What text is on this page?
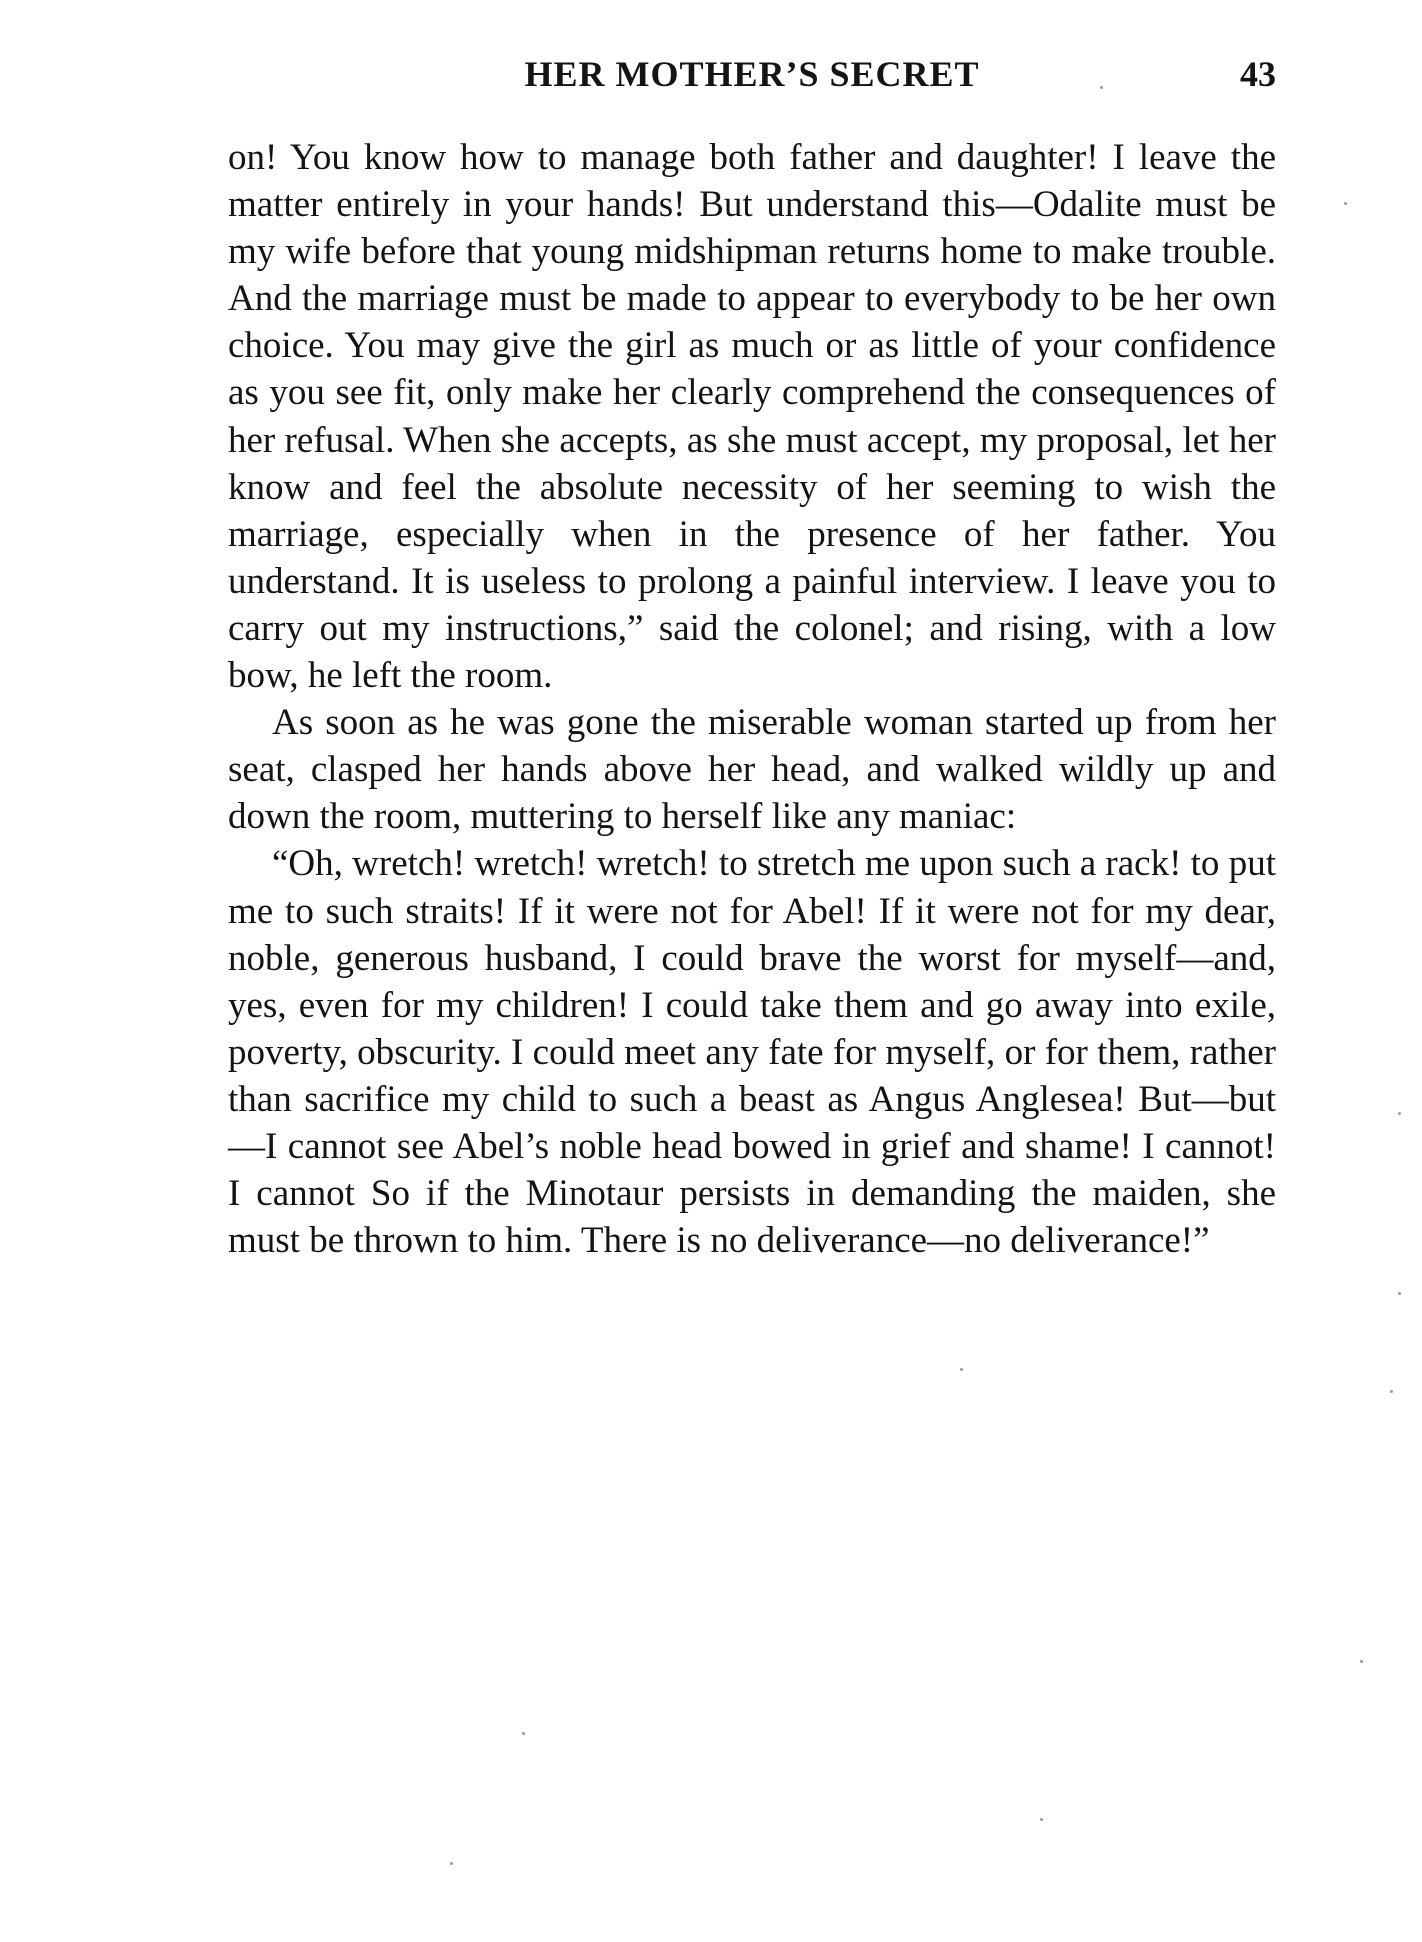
HER MOTHER’S SECRET	43

on! You know how to manage both father and daughter! I leave the matter entirely in your hands! But understand this—Odalite must be my wife before that young midshipman returns home to make trouble. And the marriage must be made to appear to everybody to be her own choice. You may give the girl as much or as little of your confidence as you see fit, only make her clearly comprehend the consequences of her refusal. When she accepts, as she must accept, my proposal, let her know and feel the absolute necessity of her seeming to wish the marriage, especially when in the presence of her father. You understand. It is useless to prolong a painful interview. I leave you to carry out my instructions,” said the colonel; and rising, with a low bow, he left the room.

As soon as he was gone the miserable woman started up from her seat, clasped her hands above her head, and walked wildly up and down the room, muttering to herself like any maniac:

“Oh, wretch! wretch! wretch! to stretch me upon such a rack! to put me to such straits! If it were not for Abel! If it were not for my dear, noble, generous husband, I could brave the worst for myself—and, yes, even for my children! I could take them and go away into exile, poverty, obscurity. I could meet any fate for myself, or for them, rather than sacrifice my child to such a beast as Angus Anglesea! But—but—I cannot see Abel’s noble head bowed in grief and shame! I cannot! I cannot So if the Minotaur persists in demanding the maiden, she must be thrown to him. There is no deliverance—no deliverance!”
